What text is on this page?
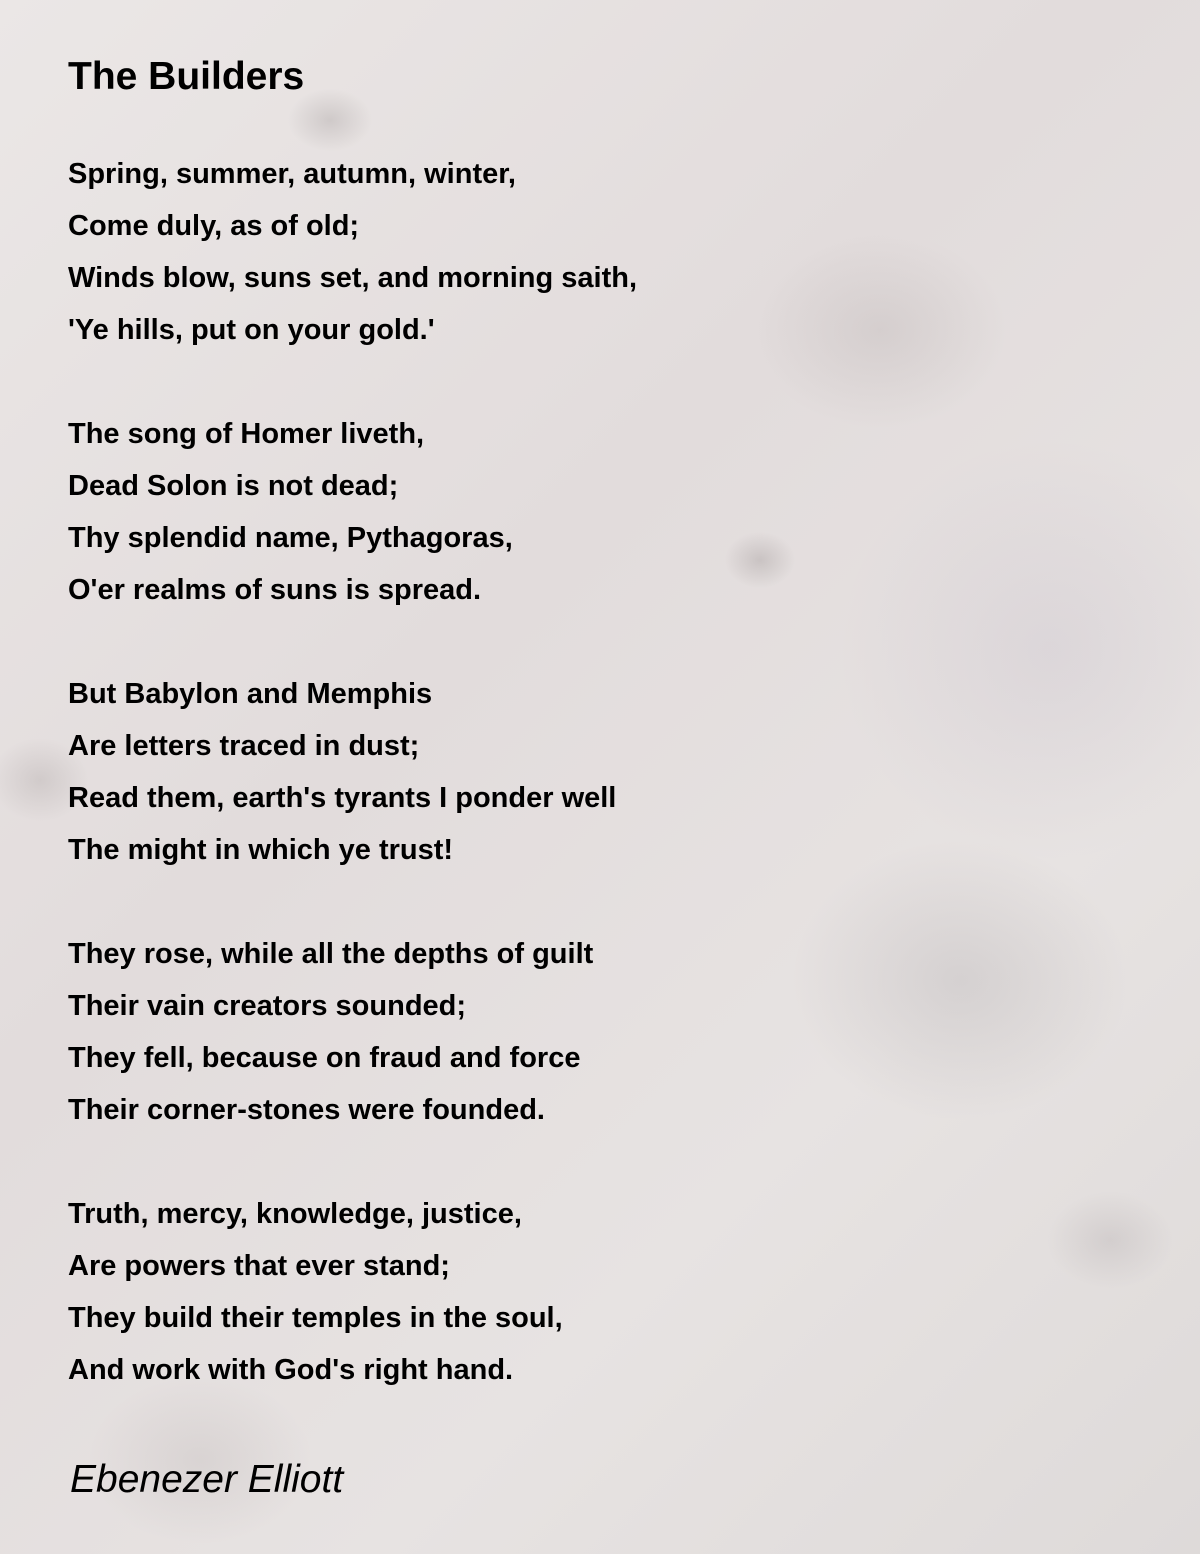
The Builders
Spring, summer, autumn, winter,
Come duly, as of old;
Winds blow, suns set, and morning saith,
'Ye hills, put on your gold.'
The song of Homer liveth,
Dead Solon is not dead;
Thy splendid name, Pythagoras,
O'er realms of suns is spread.
But Babylon and Memphis
Are letters traced in dust;
Read them, earth's tyrants I ponder well
The might in which ye trust!
They rose, while all the depths of guilt
Their vain creators sounded;
They fell, because on fraud and force
Their corner-stones were founded.
Truth, mercy, knowledge, justice,
Are powers that ever stand;
They build their temples in the soul,
And work with God's right hand.

Ebenezer Elliott
